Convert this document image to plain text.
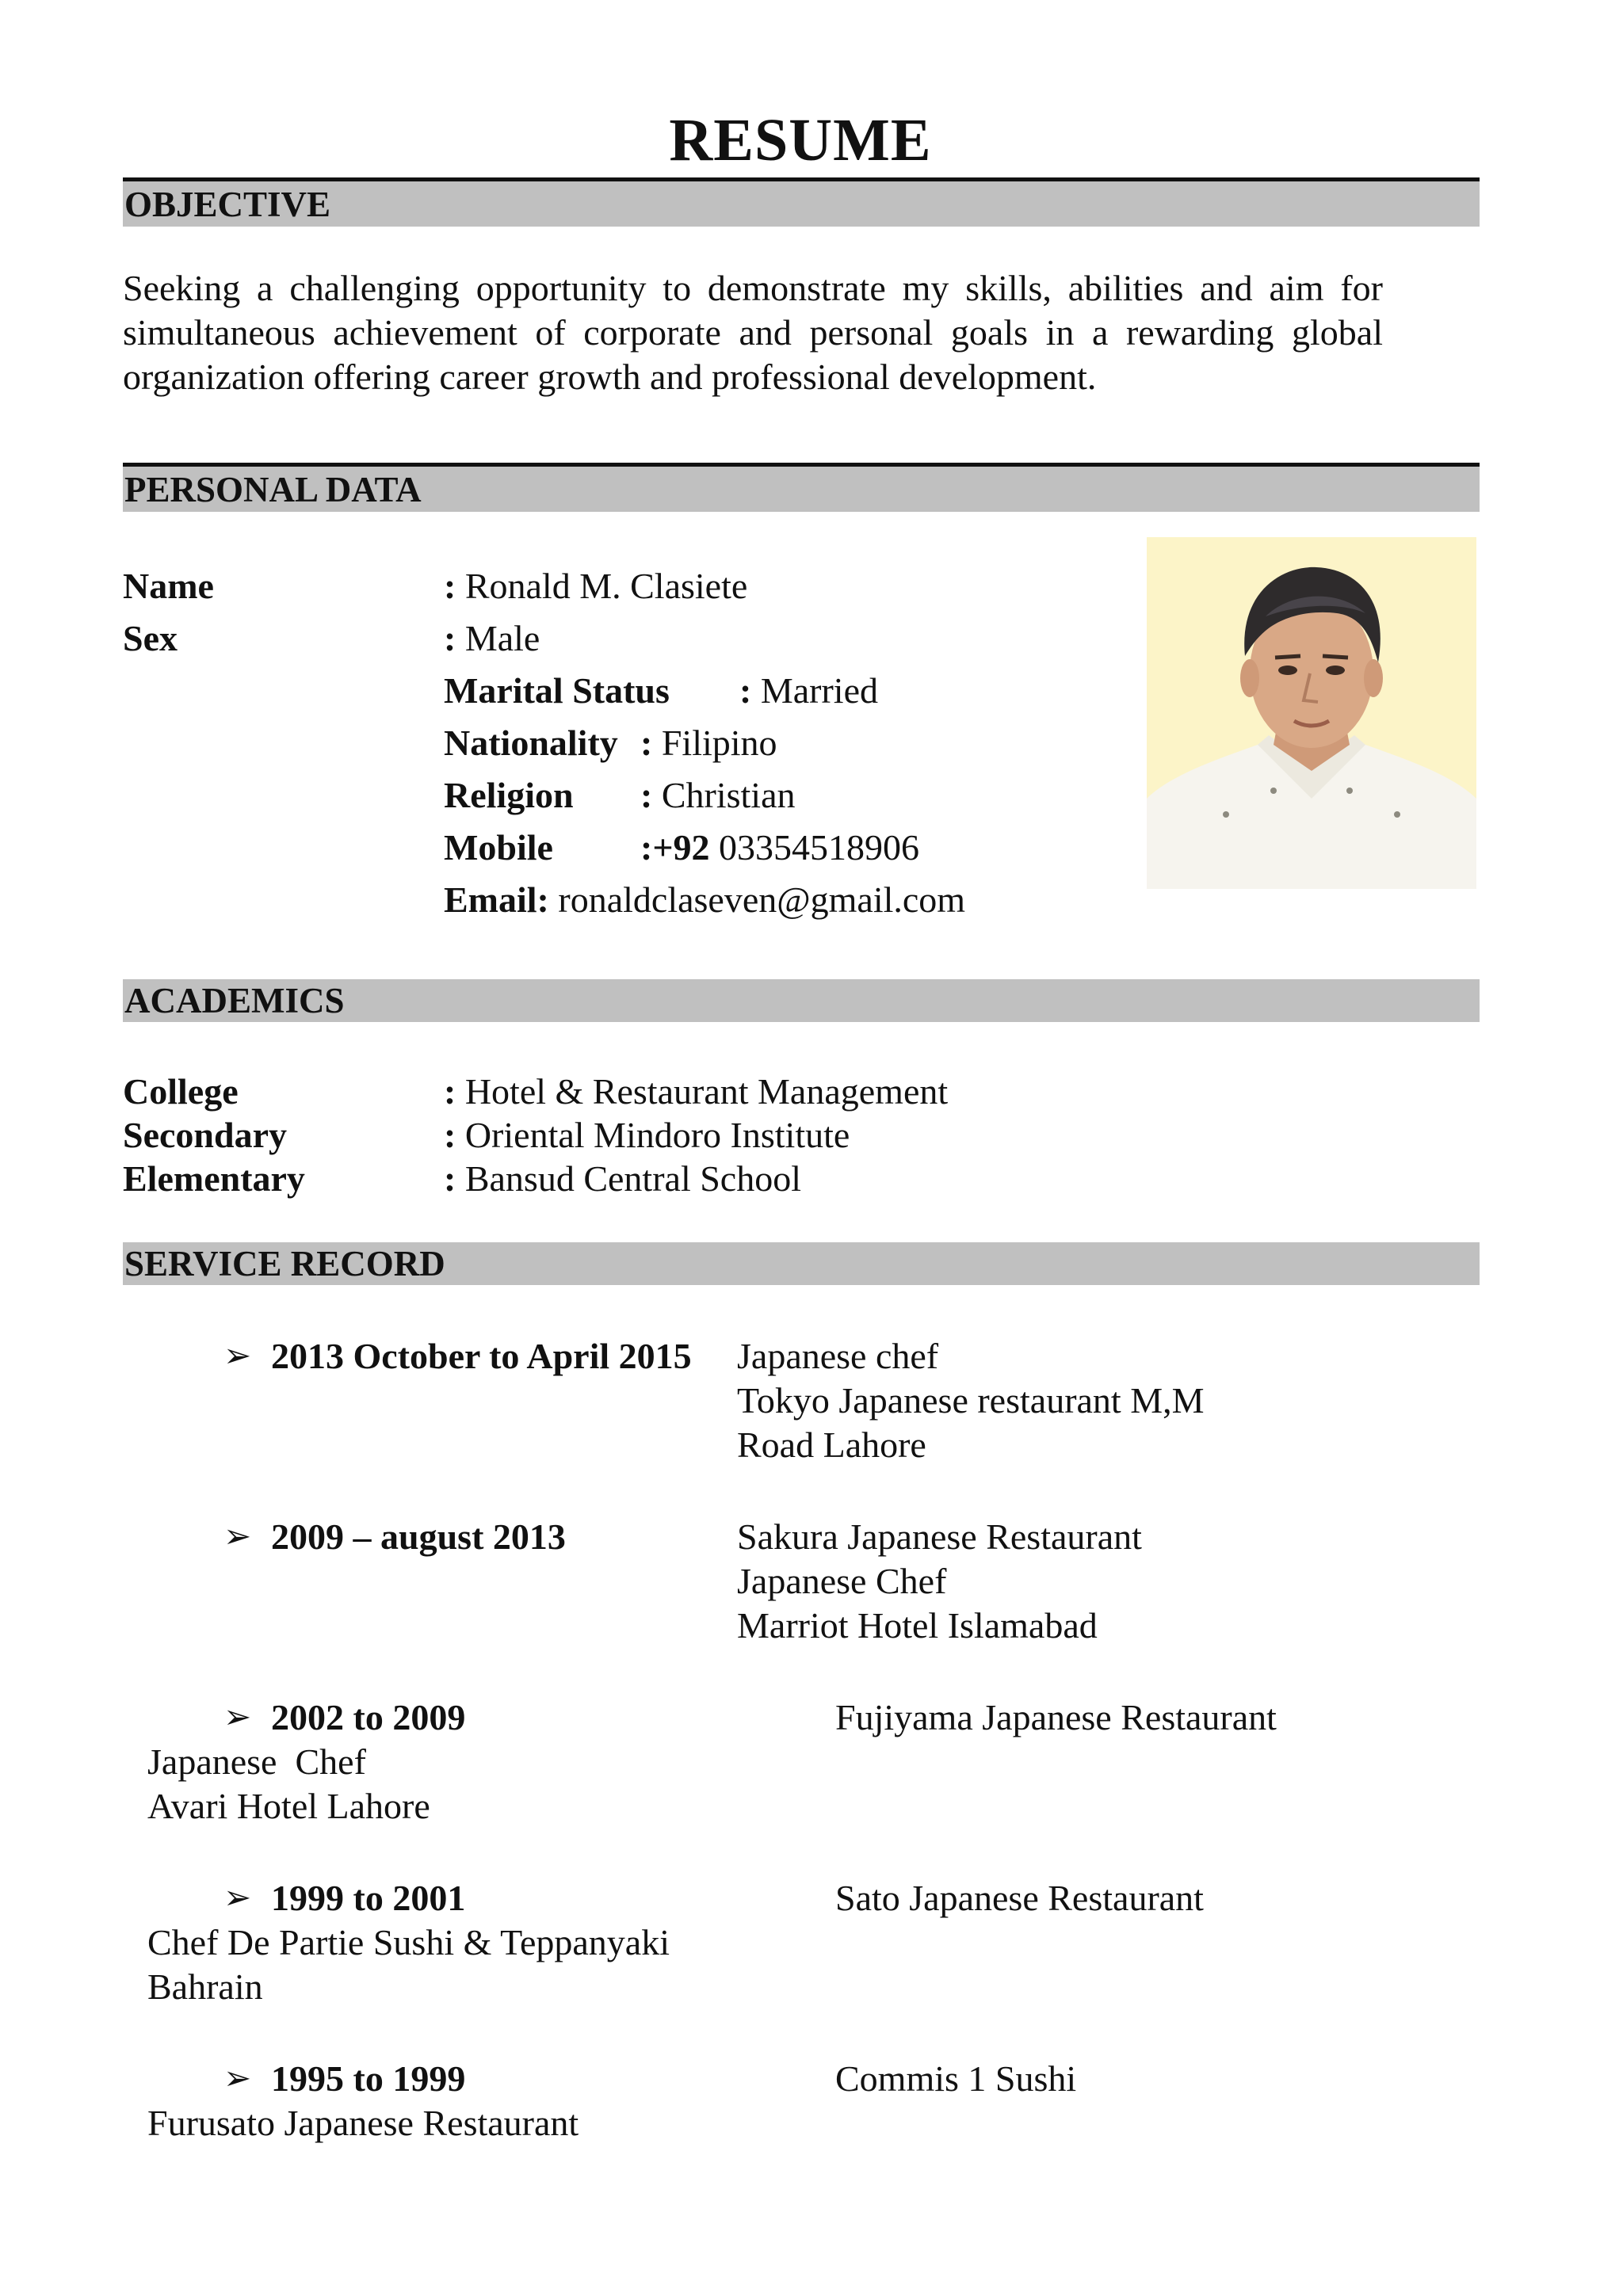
RESUME
OBJECTIVE
Seeking a challenging opportunity to demonstrate my skills, abilities and aim for simultaneous achievement of corporate and personal goals in a rewarding global organization offering career growth and professional development.
PERSONAL DATA
Name	: Ronald M. Clasiete
Sex	: Male
Marital Status : Married
Nationality : Filipino
Religion : Christian
Mobile :+92 03354518906
Email: ronaldclaseven@gmail.com
ACADEMICS
College	: Hotel & Restaurant Management
Secondary	: Oriental Mindoro Institute
Elementary	: Bansud Central School
SERVICE RECORD
➢ 2013 October to April 2015 Japanese chef
Tokyo Japanese restaurant M,M
Road Lahore
➢ 2009 – august 2013	Sakura Japanese Restaurant
Japanese Chef
Marriot Hotel Islamabad
➢ 2002 to 2009	Fujiyama Japanese Restaurant
Japanese  Chef
Avari Hotel Lahore
➢ 1999 to 2001	Sato Japanese Restaurant
Chef De Partie Sushi & Teppanyaki
Bahrain
➢ 1995 to 1999	Commis 1 Sushi
Furusato Japanese Restaurant
